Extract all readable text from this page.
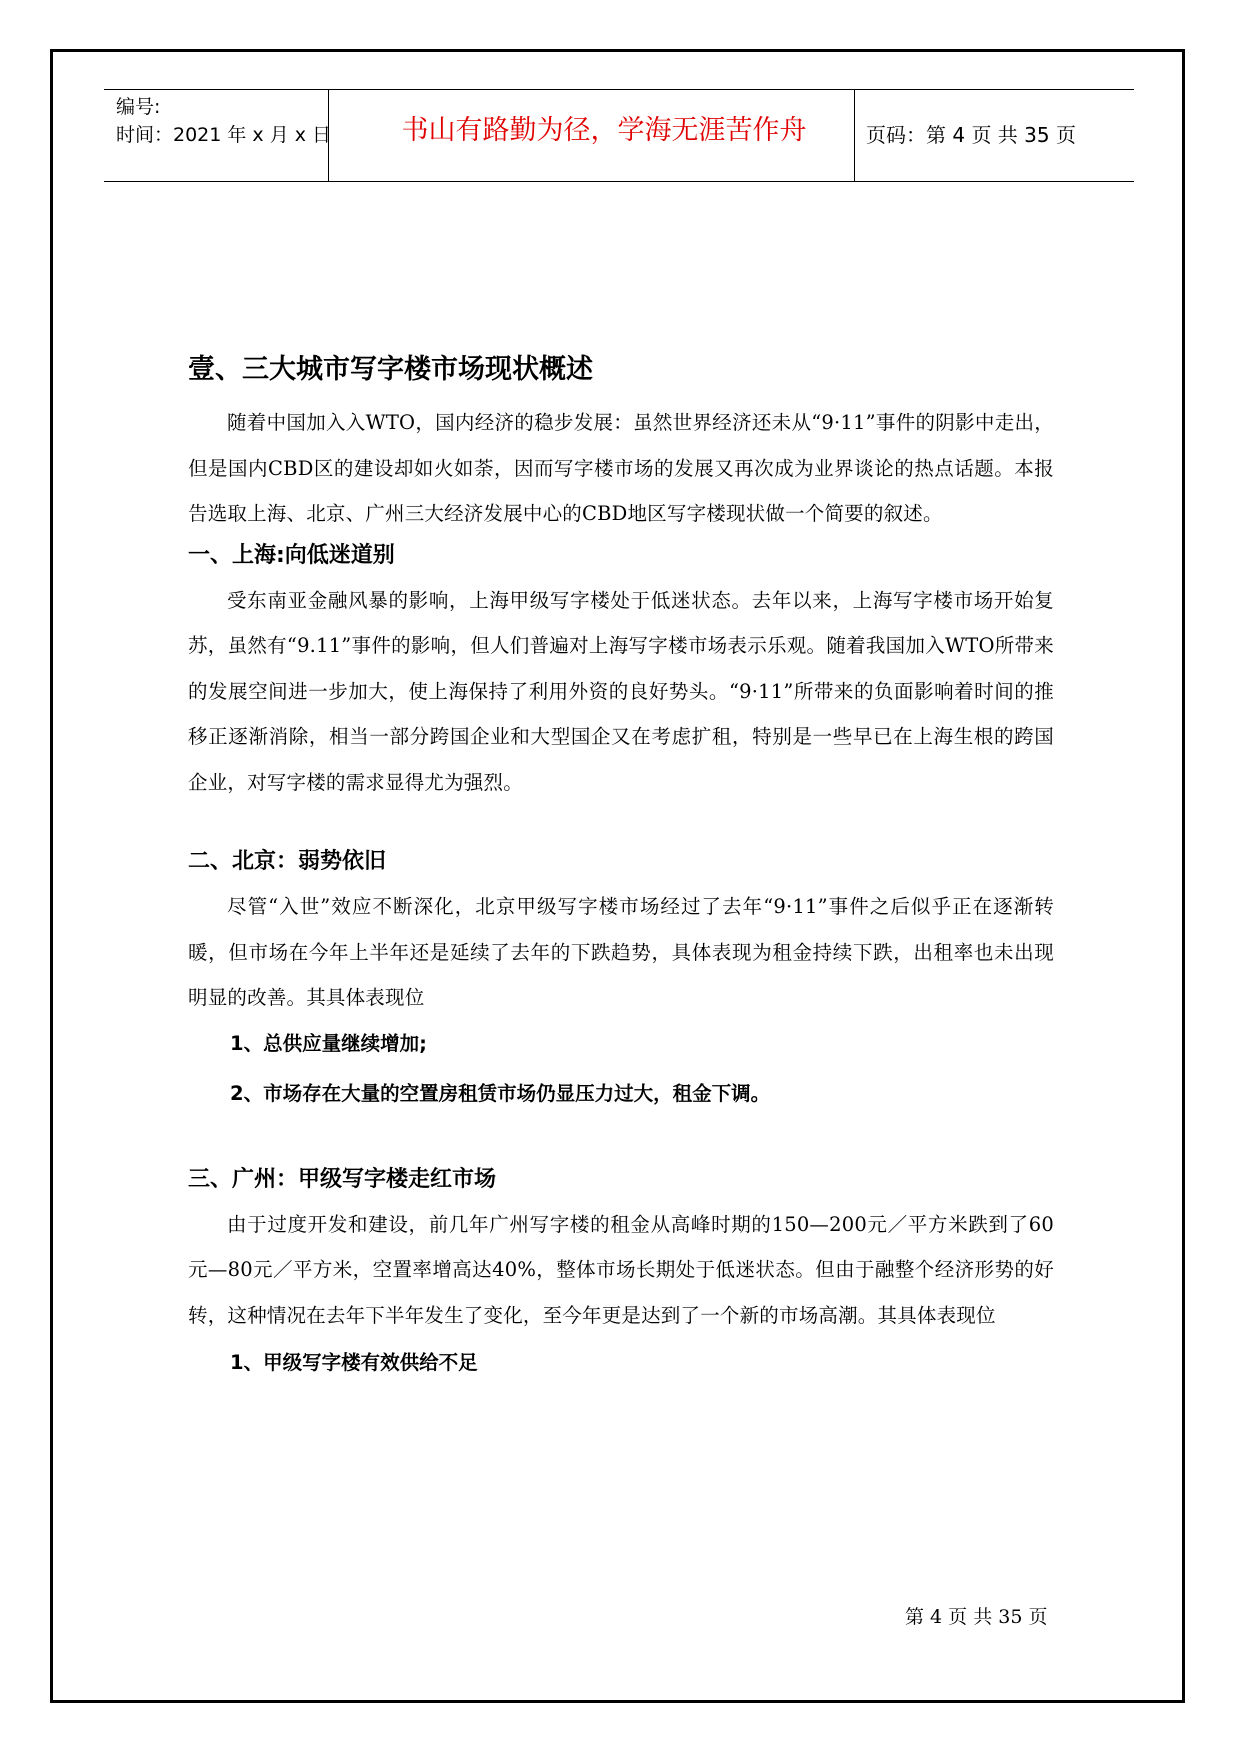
编号:
时间：2021 年 x 月 x 日	书山有路勤为径，学海无涯苦作舟	页码：第 4 页 共 35 页
壹、三大城市写字楼市场现状概述

随着中国加入入WTO，国内经济的稳步发展：虽然世界经济还未从“9·11”事件的阴影中走出，但是国内CBD区的建设却如火如荼，因而写字楼市场的发展又再次成为业界谈论的热点话题。本报告选取上海、北京、广州三大经济发展中心的CBD地区写字楼现状做一个简要的叙述。

一、上海:向低迷道别

受东南亚金融风暴的影响，上海甲级写字楼处于低迷状态。去年以来，上海写字楼市场开始复苏，虽然有“9.11”事件的影响，但人们普遍对上海写字楼市场表示乐观。随着我国加入WTO所带来的发展空间进一步加大，使上海保持了利用外资的良好势头。“9·11”所带来的负面影响着时间的推移正逐渐消除，相当一部分跨国企业和大型国企又在考虑扩租，特别是一些早已在上海生根的跨国企业，对写字楼的需求显得尤为强烈。

二、北京：弱势依旧

尽管“入世”效应不断深化，北京甲级写字楼市场经过了去年“9·11”事件之后似乎正在逐渐转暖，但市场在今年上半年还是延续了去年的下跌趋势，具体表现为租金持续下跌，出租率也未出现明显的改善。其具体表现位

1、总供应量继续增加;
2、市场存在大量的空置房租赁市场仍显压力过大，租金下调。
三、广州：甲级写字楼走红市场

由于过度开发和建设，前几年广州写字楼的租金从高峰时期的150—200元／平方米跌到了60元—80元／平方米，空置率增高达40%，整体市场长期处于低迷状态。但由于融整个经济形势的好转，这种情况在去年下半年发生了变化，至今年更是达到了一个新的市场高潮。其具体表现位

1、甲级写字楼有效供给不足
第 4 页 共 35 页
